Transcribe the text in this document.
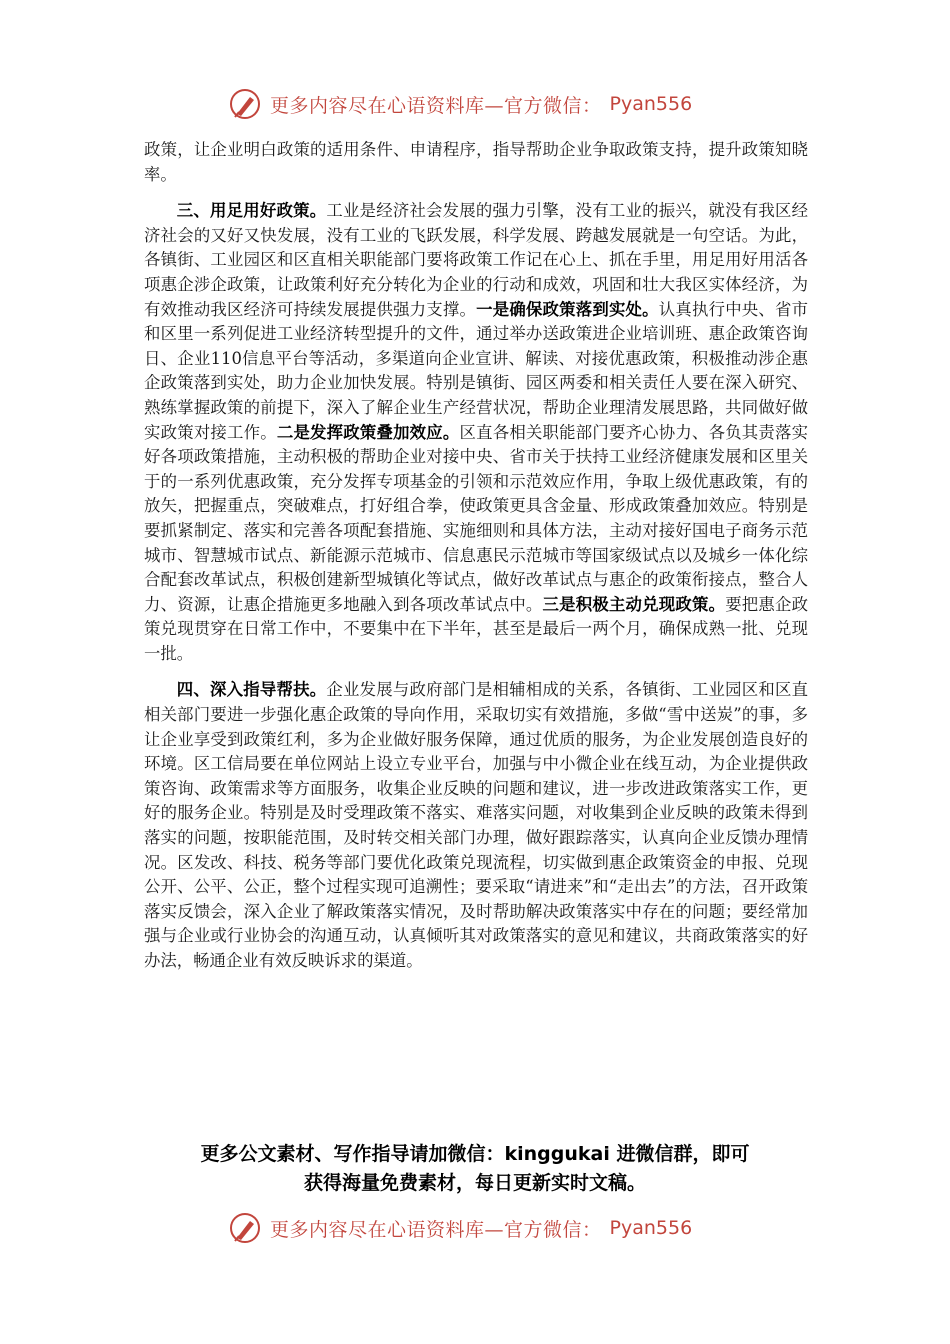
更多内容尽在心语资料库—官方微信： Pyan556

政策，让企业明白政策的适用条件、申请程序，指导帮助企业争取政策支持，提升政策知晓率。

三、用足用好政策。工业是经济社会发展的强力引擎，没有工业的振兴，就没有我区经济社会的又好又快发展，没有工业的飞跃发展，科学发展、跨越发展就是一句空话。为此，各镇街、工业园区和区直相关职能部门要将政策工作记在心上、抓在手里，用足用好用活各项惠企涉企政策，让政策利好充分转化为企业的行动和成效，巩固和壮大我区实体经济，为有效推动我区经济可持续发展提供强力支撑。一是确保政策落到实处。认真执行中央、省市和区里一系列促进工业经济转型提升的文件，通过举办送政策进企业培训班、惠企政策咨询日、企业110信息平台等活动，多渠道向企业宣讲、解读、对接优惠政策，积极推动涉企惠企政策落到实处，助力企业加快发展。特别是镇街、园区两委和相关责任人要在深入研究、熟练掌握政策的前提下，深入了解企业生产经营状况，帮助企业理清发展思路，共同做好做实政策对接工作。二是发挥政策叠加效应。区直各相关职能部门要齐心协力、各负其责落实好各项政策措施，主动积极的帮助企业对接中央、省市关于扶持工业经济健康发展和区里关于的一系列优惠政策，充分发挥专项基金的引领和示范效应作用，争取上级优惠政策，有的放矢，把握重点，突破难点，打好组合拳，使政策更具含金量、形成政策叠加效应。特别是要抓紧制定、落实和完善各项配套措施、实施细则和具体方法，主动对接好国电子商务示范城市、智慧城市试点、新能源示范城市、信息惠民示范城市等国家级试点以及城乡一体化综合配套改革试点，积极创建新型城镇化等试点，做好改革试点与惠企的政策衔接点，整合人力、资源，让惠企措施更多地融入到各项改革试点中。三是积极主动兑现政策。要把惠企政策兑现贯穿在日常工作中，不要集中在下半年，甚至是最后一两个月，确保成熟一批、兑现一批。

四、深入指导帮扶。企业发展与政府部门是相辅相成的关系，各镇街、工业园区和区直相关部门要进一步强化惠企政策的导向作用，采取切实有效措施，多做“雪中送炭”的事，多让企业享受到政策红利，多为企业做好服务保障，通过优质的服务，为企业发展创造良好的环境。区工信局要在单位网站上设立专业平台，加强与中小微企业在线互动，为企业提供政策咨询、政策需求等方面服务，收集企业反映的问题和建议，进一步改进政策落实工作，更好的服务企业。特别是及时受理政策不落实、难落实问题，对收集到企业反映的政策未得到落实的问题，按职能范围，及时转交相关部门办理，做好跟踪落实，认真向企业反馈办理情况。区发改、科技、税务等部门要优化政策兑现流程，切实做到惠企政策资金的申报、兑现公开、公平、公正，整个过程实现可追溯性；要采取“请进来”和“走出去”的方法，召开政策落实反馈会，深入企业了解政策落实情况，及时帮助解决政策落实中存在的问题；要经常加强与企业或行业协会的沟通互动，认真倾听其对政策落实的意见和建议，共商政策落实的好办法，畅通企业有效反映诉求的渠道。

更多公文素材、写作指导请加微信：kinggukai 进微信群，即可
获得海量免费素材，每日更新实时文稿。
更多内容尽在心语资料库—官方微信： Pyan556
